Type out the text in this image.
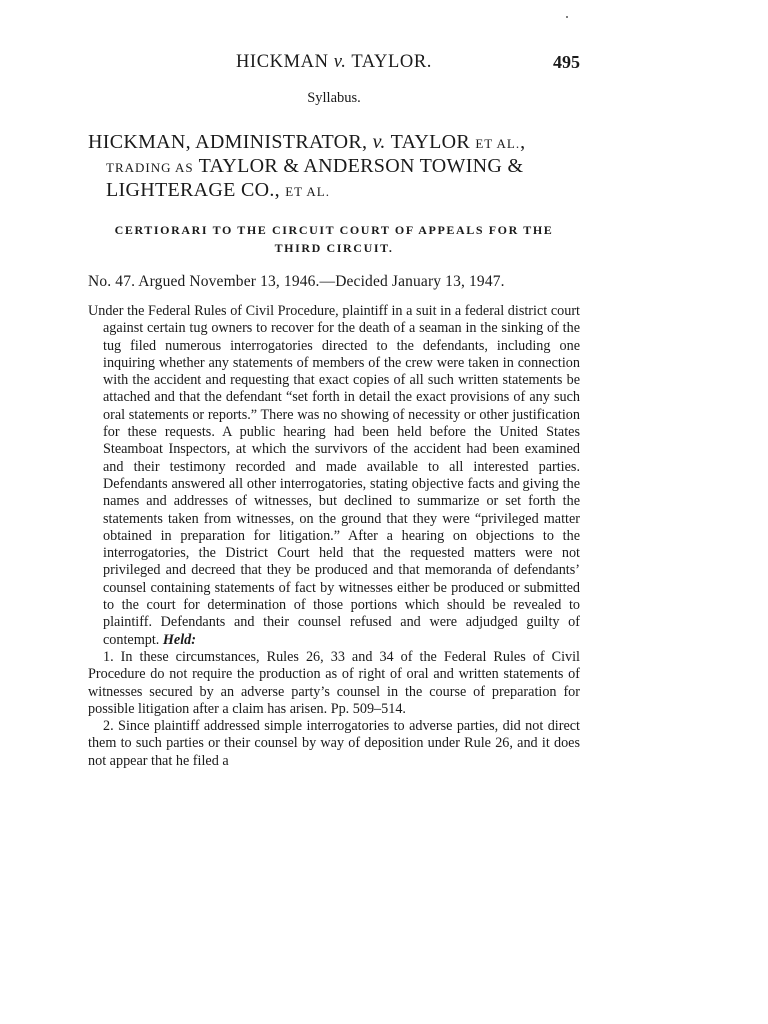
HICKMAN v. TAYLOR.	495
Syllabus.
HICKMAN, ADMINISTRATOR, v. TAYLOR ET AL.,
TRADING AS TAYLOR & ANDERSON TOWING &
LIGHTERAGE CO., ET AL.
CERTIORARI TO THE CIRCUIT COURT OF APPEALS FOR THE
THIRD CIRCUIT.
No. 47. Argued November 13, 1946.—Decided January 13, 1947.

Under the Federal Rules of Civil Procedure, plaintiff in a suit in a federal district court against certain tug owners to recover for the death of a seaman in the sinking of the tug filed numerous interrogatories directed to the defendants, including one inquiring whether any statements of members of the crew were taken in connection with the accident and requesting that exact copies of all such written statements be attached and that the defendant “set forth in detail the exact provisions of any such oral statements or reports.” There was no showing of necessity or other justification for these requests. A public hearing had been held before the United States Steamboat Inspectors, at which the survivors of the accident had been examined and their testimony recorded and made available to all interested parties. Defendants answered all other interrogatories, stating objective facts and giving the names and addresses of witnesses, but declined to summarize or set forth the statements taken from witnesses, on the ground that they were “privileged matter obtained in preparation for litigation.” After a hearing on objections to the interrogatories, the District Court held that the requested matters were not privileged and decreed that they be produced and that memoranda of defendants’ counsel containing statements of fact by witnesses either be produced or submitted to the court for determination of those portions which should be revealed to plaintiff. Defendants and their counsel refused and were adjudged guilty of contempt. Held:

1. In these circumstances, Rules 26, 33 and 34 of the Federal Rules of Civil Procedure do not require the production as of right of oral and written statements of witnesses secured by an adverse party’s counsel in the course of preparation for possible litigation after a claim has arisen. Pp. 509–514.

2. Since plaintiff addressed simple interrogatories to adverse parties, did not direct them to such parties or their counsel by way of deposition under Rule 26, and it does not appear that he filed a
